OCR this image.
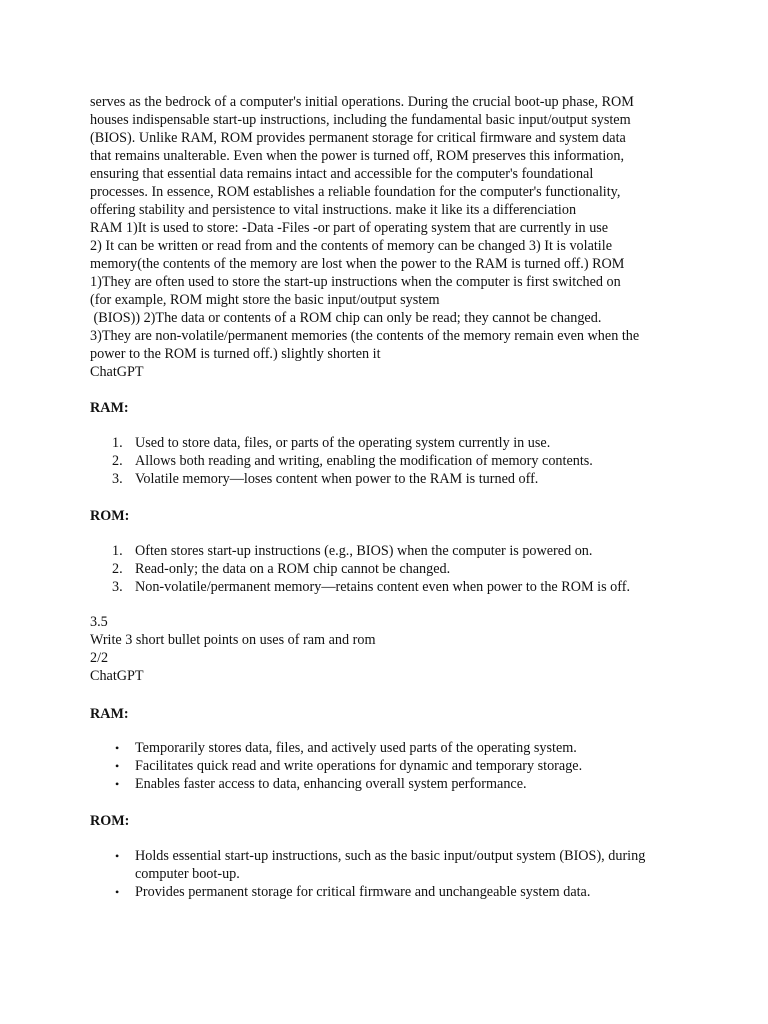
serves as the bedrock of a computer's initial operations. During the crucial boot-up phase, ROM
houses indispensable start-up instructions, including the fundamental basic input/output system
(BIOS). Unlike RAM, ROM provides permanent storage for critical firmware and system data
that remains unalterable. Even when the power is turned off, ROM preserves this information,
ensuring that essential data remains intact and accessible for the computer's foundational
processes. In essence, ROM establishes a reliable foundation for the computer's functionality,
offering stability and persistence to vital instructions. make it like its a differenciation
RAM 1)It is used to store: -Data -Files -or part of operating system that are currently in use
2) It can be written or read from and the contents of memory can be changed 3) It is volatile
memory(the contents of the memory are lost when the power to the RAM is turned off.) ROM
1)They are often used to store the start-up instructions when the computer is first switched on
(for example, ROM might store the basic input/output system
(BIOS)) 2)The data or contents of a ROM chip can only be read; they cannot be changed.
3)They are non-volatile/permanent memories (the contents of the memory remain even when the
power to the ROM is turned off.) slightly shorten it
ChatGPT
RAM:
1. Used to store data, files, or parts of the operating system currently in use.
2. Allows both reading and writing, enabling the modification of memory contents.
3. Volatile memory—loses content when power to the RAM is turned off.
ROM:
1. Often stores start-up instructions (e.g., BIOS) when the computer is powered on.
2. Read-only; the data on a ROM chip cannot be changed.
3. Non-volatile/permanent memory—retains content even when power to the ROM is off.
3.5
Write 3 short bullet points on uses of ram and rom
2/2
ChatGPT
RAM:
• Temporarily stores data, files, and actively used parts of the operating system.
• Facilitates quick read and write operations for dynamic and temporary storage.
• Enables faster access to data, enhancing overall system performance.
ROM:
• Holds essential start-up instructions, such as the basic input/output system (BIOS), during computer boot-up.
• Provides permanent storage for critical firmware and unchangeable system data.
